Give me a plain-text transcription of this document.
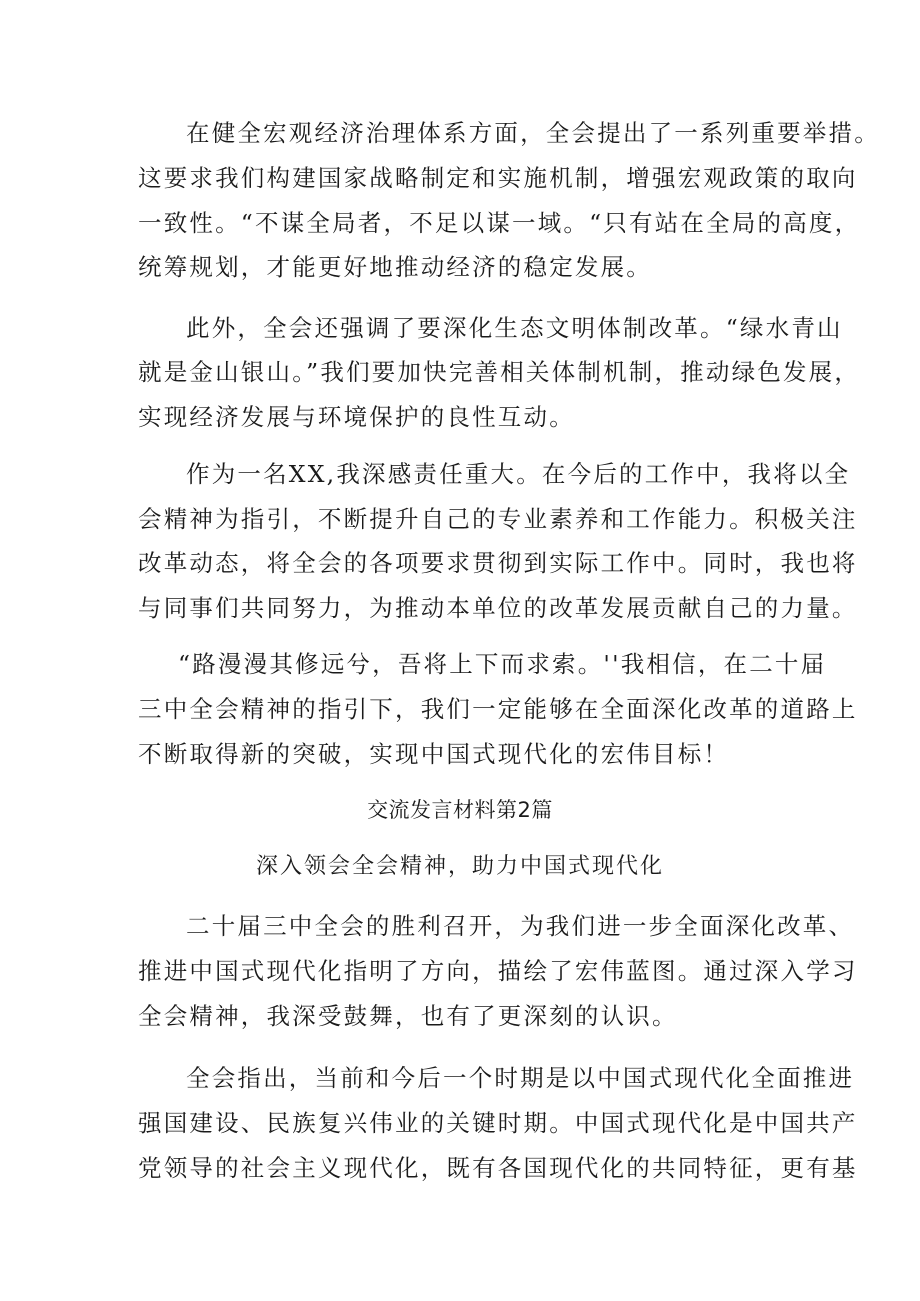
在健全宏观经济治理体系方面，全会提出了一系列重要举措。
这要求我们构建国家战略制定和实施机制，增强宏观政策的取向
一致性。“不谋全局者，不足以谋一域。“只有站在全局的高度，
统筹规划，才能更好地推动经济的稳定发展。
此外，全会还强调了要深化生态文明体制改革。“绿水青山
就是金山银山。”我们要加快完善相关体制机制，推动绿色发展，
实现经济发展与环境保护的良性互动。
作为一名XX,我深感责任重大。在今后的工作中，我将以全
会精神为指引，不断提升自己的专业素养和工作能力。积极关注
改革动态，将全会的各项要求贯彻到实际工作中。同时，我也将
与同事们共同努力，为推动本单位的改革发展贡献自己的力量。
“路漫漫其修远兮，吾将上下而求索。''我相信，在二十届
三中全会精神的指引下，我们一定能够在全面深化改革的道路上
不断取得新的突破，实现中国式现代化的宏伟目标！
交流发言材料第2篇
深入领会全会精神，助力中国式现代化
二十届三中全会的胜利召开，为我们进一步全面深化改革、
推进中国式现代化指明了方向，描绘了宏伟蓝图。通过深入学习
全会精神，我深受鼓舞，也有了更深刻的认识。
全会指出，当前和今后一个时期是以中国式现代化全面推进
强国建设、民族复兴伟业的关键时期。中国式现代化是中国共产
党领导的社会主义现代化，既有各国现代化的共同特征，更有基
